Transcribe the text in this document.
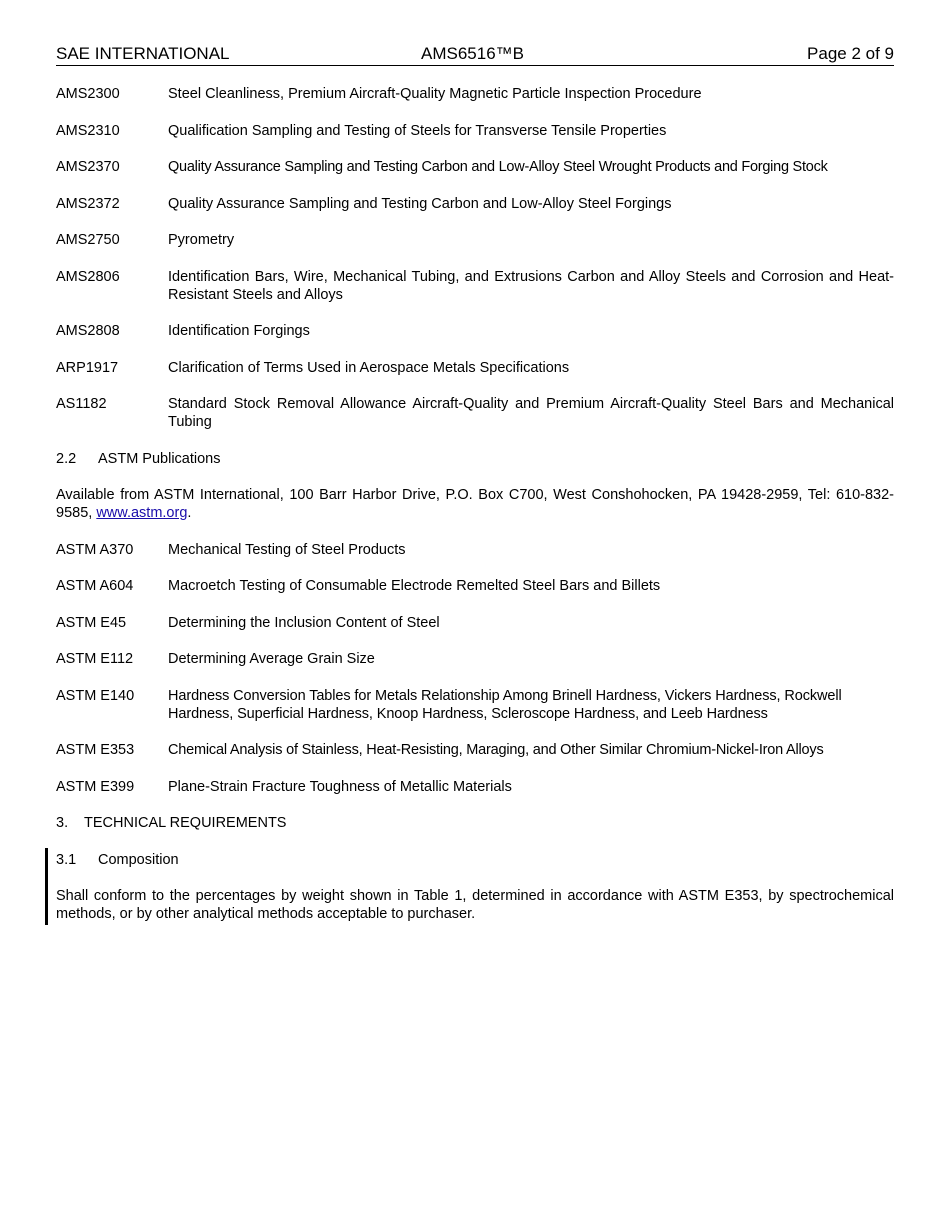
SAE INTERNATIONAL	AMS6516™B	Page 2 of 9
AMS2300	Steel Cleanliness, Premium Aircraft-Quality Magnetic Particle Inspection Procedure
AMS2310	Qualification Sampling and Testing of Steels for Transverse Tensile Properties
AMS2370	Quality Assurance Sampling and Testing Carbon and Low-Alloy Steel Wrought Products and Forging Stock
AMS2372	Quality Assurance Sampling and Testing Carbon and Low-Alloy Steel Forgings
AMS2750	Pyrometry
AMS2806	Identification Bars, Wire, Mechanical Tubing, and Extrusions Carbon and Alloy Steels and Corrosion and Heat-Resistant Steels and Alloys
AMS2808	Identification Forgings
ARP1917	Clarification of Terms Used in Aerospace Metals Specifications
AS1182	Standard Stock Removal Allowance Aircraft-Quality and Premium Aircraft-Quality Steel Bars and Mechanical Tubing
2.2 ASTM Publications
Available from ASTM International, 100 Barr Harbor Drive, P.O. Box C700, West Conshohocken, PA 19428-2959, Tel: 610-832-9585, www.astm.org.
ASTM A370	Mechanical Testing of Steel Products
ASTM A604	Macroetch Testing of Consumable Electrode Remelted Steel Bars and Billets
ASTM E45	Determining the Inclusion Content of Steel
ASTM E112	Determining Average Grain Size
ASTM E140	Hardness Conversion Tables for Metals Relationship Among Brinell Hardness, Vickers Hardness, Rockwell Hardness, Superficial Hardness, Knoop Hardness, Scleroscope Hardness, and Leeb Hardness
ASTM E353	Chemical Analysis of Stainless, Heat-Resisting, Maraging, and Other Similar Chromium-Nickel-Iron Alloys
ASTM E399	Plane-Strain Fracture Toughness of Metallic Materials
3. TECHNICAL REQUIREMENTS
3.1 Composition
Shall conform to the percentages by weight shown in Table 1, determined in accordance with ASTM E353, by spectrochemical methods, or by other analytical methods acceptable to purchaser.
